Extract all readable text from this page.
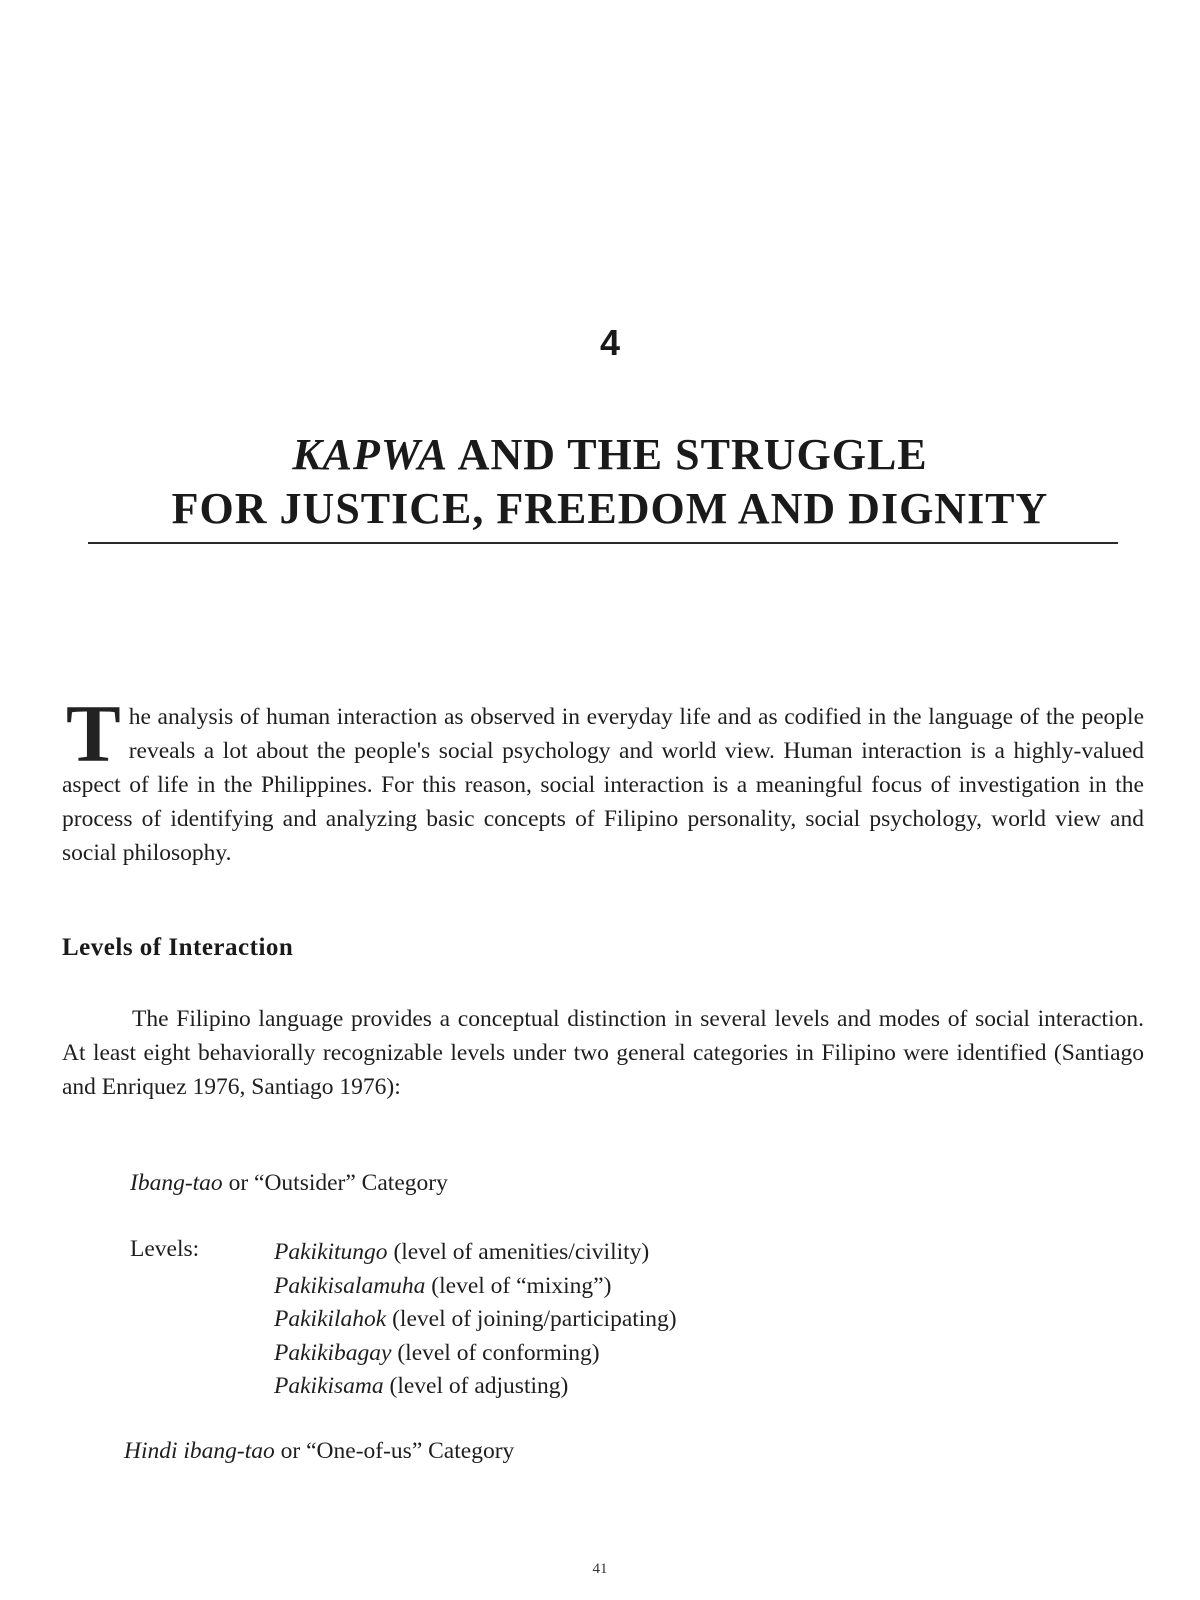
4
KAPWA AND THE STRUGGLE
FOR JUSTICE, FREEDOM AND DIGNITY
The analysis of human interaction as observed in everyday life and as codified in the language of the people reveals a lot about the people's social psychology and world view. Human interaction is a highly-valued aspect of life in the Philippines. For this reason, social interaction is a meaningful focus of investigation in the process of identifying and analyzing basic concepts of Filipino personality, social psychology, world view and social philosophy.
Levels of Interaction
The Filipino language provides a conceptual distinction in several levels and modes of social interaction. At least eight behaviorally recognizable levels under two general categories in Filipino were identified (Santiago and Enriquez 1976, Santiago 1976):
Ibang-tao or “Outsider” Category
Levels:	Pakikitungo (level of amenities/civility)
Pakikisalamuha (level of “mixing”)
Pakikilahok (level of joining/participating)
Pakikibagay (level of conforming)
Pakikisama (level of adjusting)
Hindi ibang-tao or “One-of-us” Category
41
